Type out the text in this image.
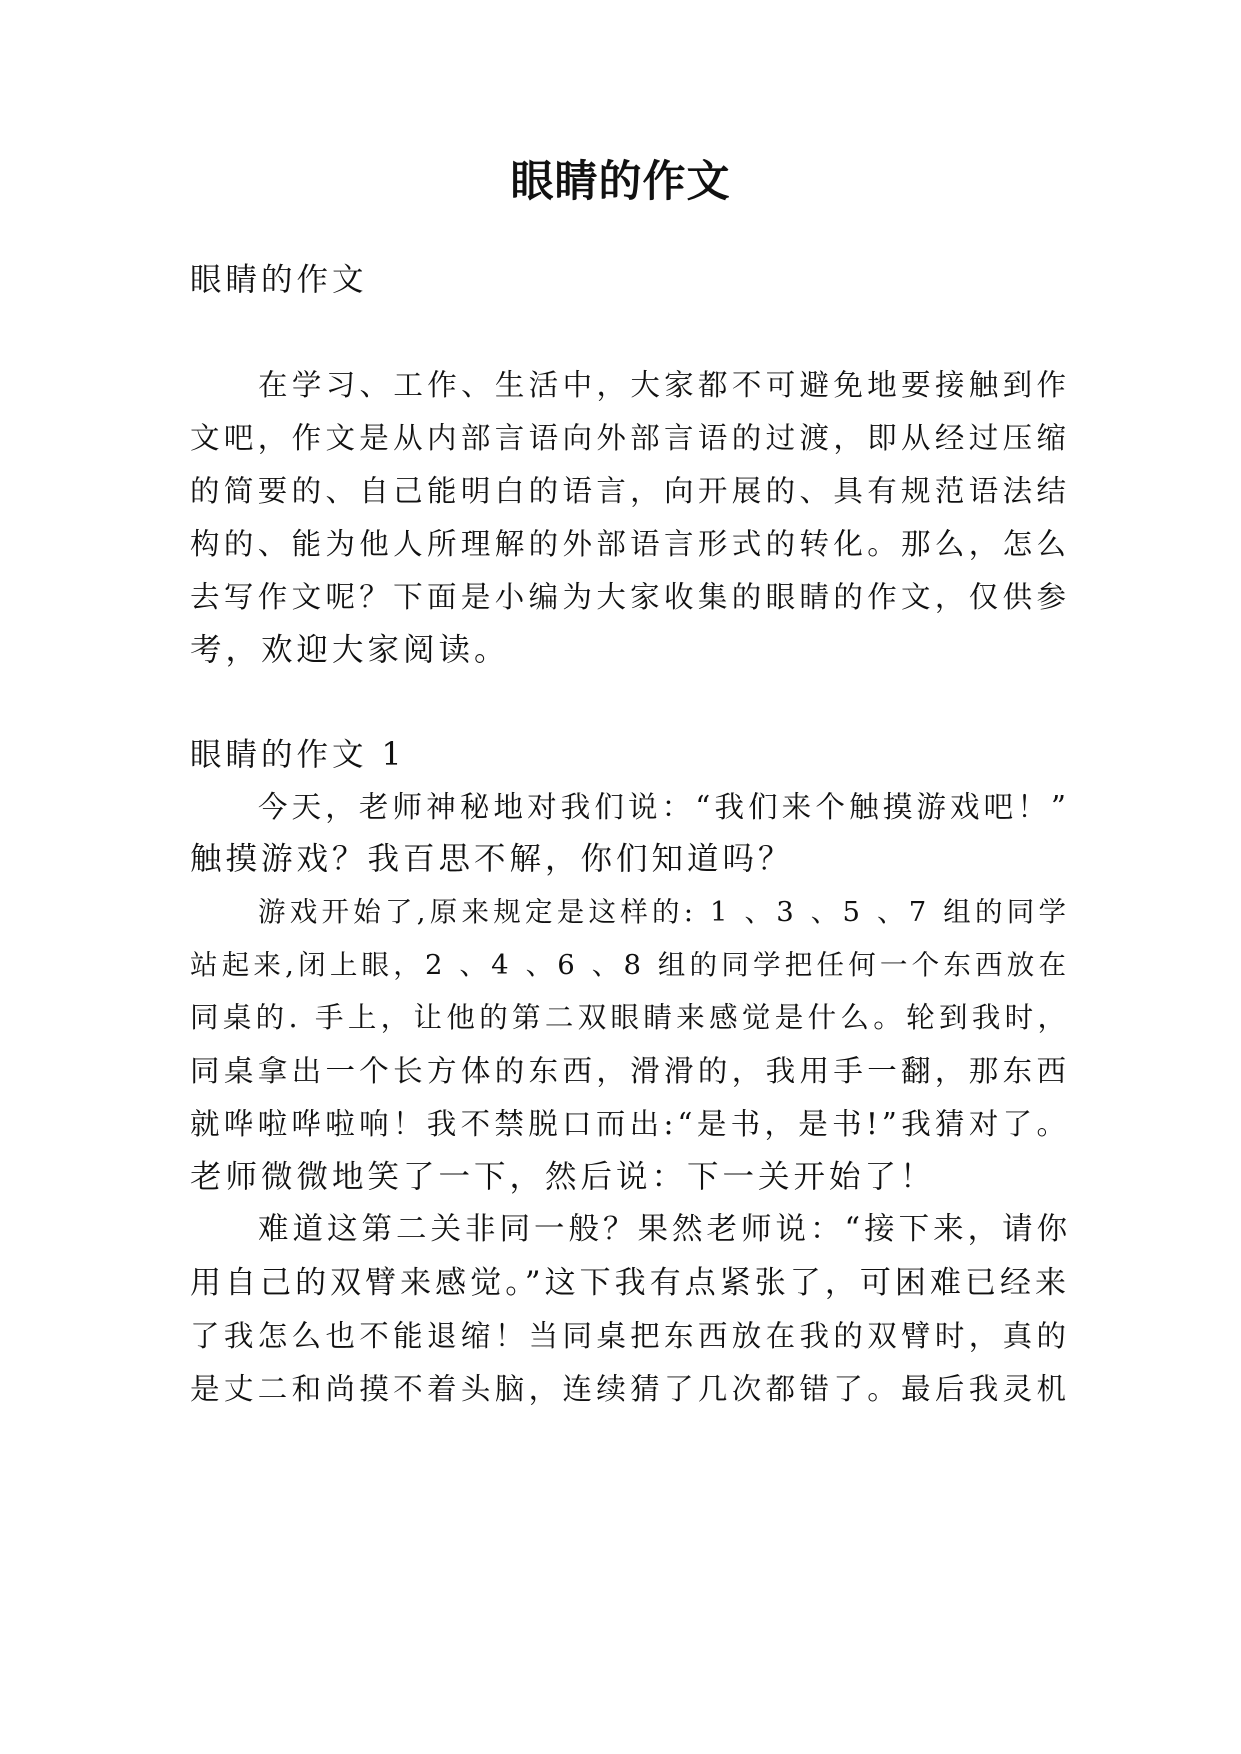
眼睛的作文
眼睛的作文
在学习、工作、生活中，大家都不可避免地要接触到作
文吧，作文是从内部言语向外部言语的过渡，即从经过压缩
的简要的、自己能明白的语言，向开展的、具有规范语法结
构的、能为他人所理解的外部语言形式的转化。那么，怎么
去写作文呢？下面是小编为大家收集的眼睛的作文，仅供参
考，欢迎大家阅读。
眼睛的作文 1
今天，老师神秘地对我们说：“我们来个触摸游戏吧！”
触摸游戏？我百思不解，你们知道吗？
游戏开始了,原来规定是这样的: 1 、3 、5 、7 组的同学
站起来,闭上眼，2 、4 、6 、8 组的同学把任何一个东西放在
同桌的. 手上，让他的第二双眼睛来感觉是什么。轮到我时，
同桌拿出一个长方体的东西，滑滑的，我用手一翻，那东西
就哗啦哗啦响！我不禁脱口而出:“是书，是书!”我猜对了。
老师微微地笑了一下，然后说：下一关开始了！
难道这第二关非同一般？果然老师说：“接下来，请你
用自己的双臂来感觉。”这下我有点紧张了，可困难已经来
了我怎么也不能退缩！当同桌把东西放在我的双臂时，真的
是丈二和尚摸不着头脑，连续猜了几次都错了。最后我灵机
